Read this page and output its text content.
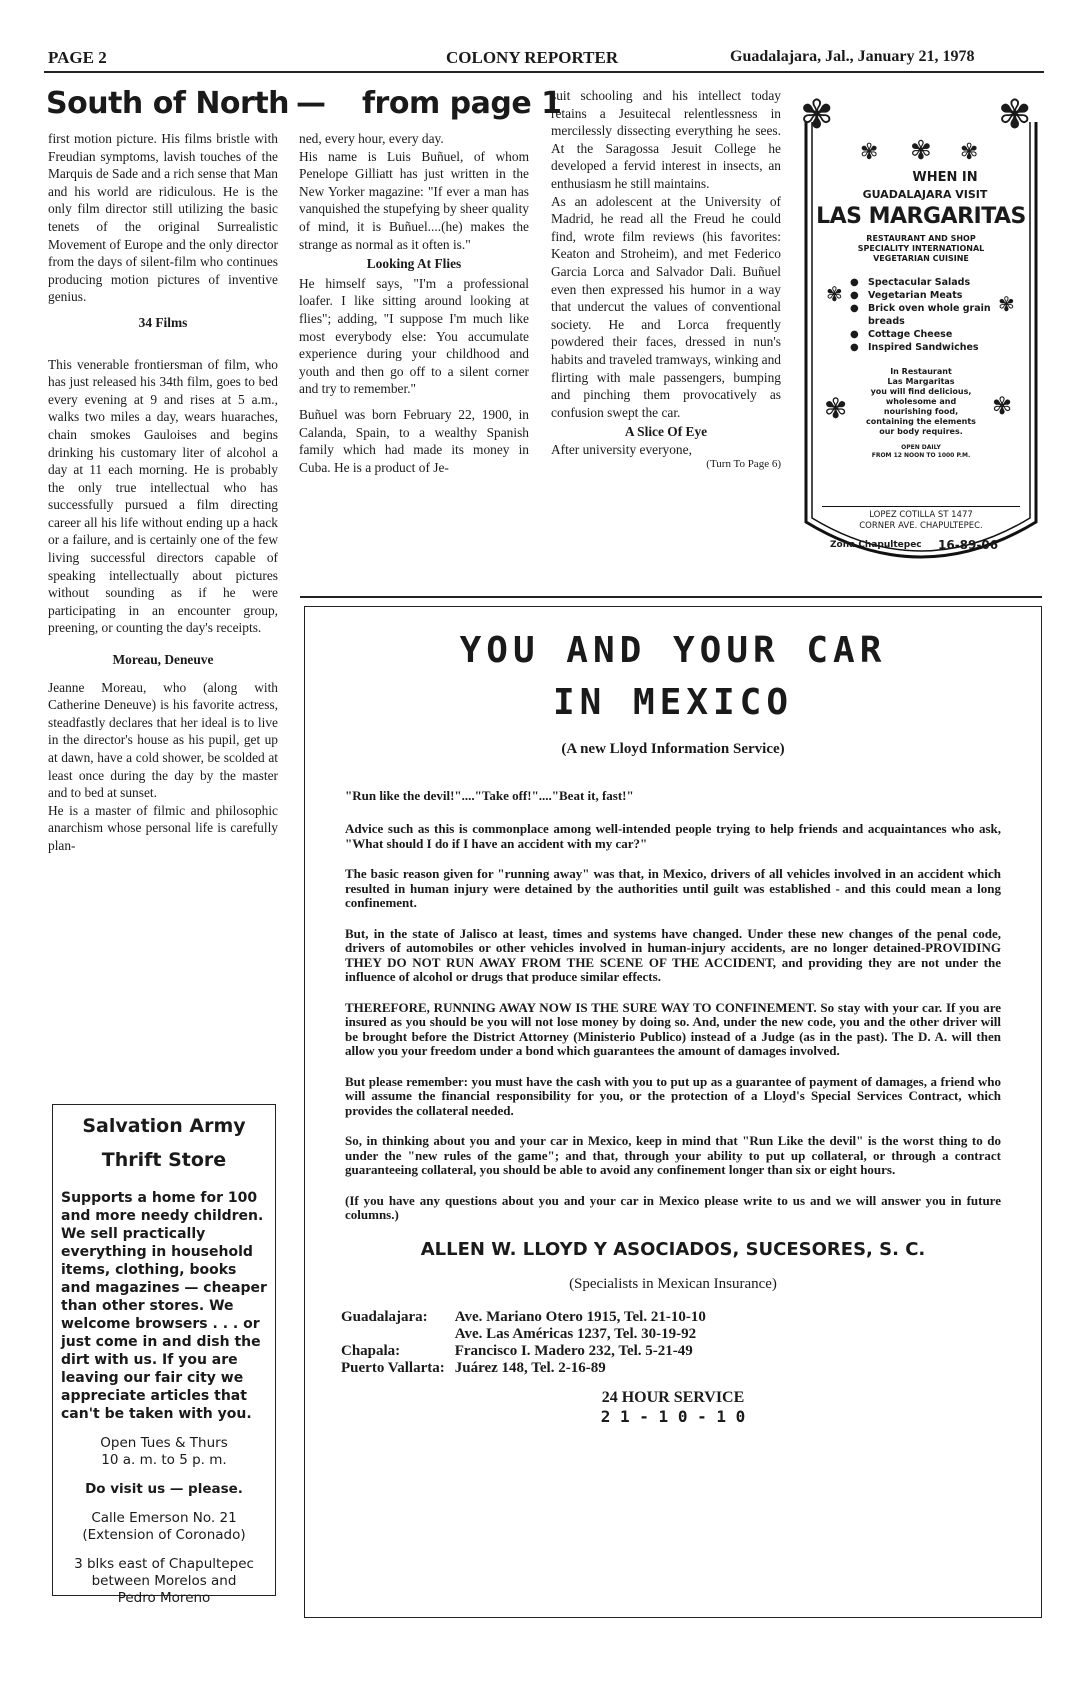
PAGE 2	COLONY REPORTER	Guadalajara, Jal., January 21, 1978
South of North — from page 1

first motion picture. His films bristle with Freudian symptoms, lavish touches of the Marquis de Sade and a rich sense that Man and his world are ridiculous. He is the only film director still utilizing the basic tenets of the original Surrealistic Movement of Europe and the only director from the days of silent-film who continues producing motion pictures of inventive genius.

34 Films

This venerable frontiersman of film, who has just released his 34th film, goes to bed every evening at 9 and rises at 5 a.m., walks two miles a day, wears huaraches, chain smokes Gauloises and begins drinking his customary liter of alcohol a day at 11 each morning. He is probably the only true intellectual who has successfully pursued a film directing career all his life without ending up a hack or a failure, and is certainly one of the few living successful directors capable of speaking intellectually about pictures without sounding as if he were participating in an encounter group, preening, or counting the day's receipts.

Moreau, Deneuve

Jeanne Moreau, who (along with Catherine Deneuve) is his favorite actress, steadfastly declares that her ideal is to live in the director's house as his pupil, get up at dawn, have a cold shower, be scolded at least once during the day by the master and to bed at sunset.

He is a master of filmic and philosophic anarchism whose personal life is carefully plan-

ned, every hour, every day.

His name is Luis Buñuel, of whom Penelope Gilliatt has just written in the New Yorker magazine: "If ever a man has vanquished the stupefying by sheer quality of mind, it is Buñuel....(he) makes the strange as normal as it often is."

Looking At Flies

He himself says, "I'm a professional loafer. I like sitting around looking at flies"; adding, "I suppose I'm much like most everybody else: You accumulate experience during your childhood and youth and then go off to a silent corner and try to remember."

Buñuel was born February 22, 1900, in Calanda, Spain, to a wealthy Spanish family which had made its money in Cuba. He is a product of Je-

suit schooling and his intellect today retains a Jesuitecal relentlessness in mercilessly dissecting everything he sees. At the Saragossa Jesuit College he developed a fervid interest in insects, an enthusiasm he still maintains.

As an adolescent at the University of Madrid, he read all the Freud he could find, wrote film reviews (his favorites: Keaton and Stroheim), and met Federico Garcia Lorca and Salvador Dali. Buñuel even then expressed his humor in a way that undercut the values of conventional society. He and Lorca frequently powdered their faces, dressed in nun's habits and traveled tramways, winking and flirting with male passengers, bumping and pinching them provocatively as confusion swept the car.

A Slice Of Eye

After university everyone,

(Turn To Page 6)
✾	✾
✾ ✾ ✾
✾	✾
✾	✾
WHEN IN
GUADALAJARA VISIT
LAS MARGARITAS
RESTAURANT AND SHOP
SPECIALITY INTERNATIONAL
VEGETARIAN CUISINE
● Spectacular Salads
● Vegetarian Meats
● Brick oven whole grain breads
● Cottage Cheese
● Inspired Sandwiches
In Restaurant
Las Margaritas
you will find delicious,
wholesome and
nourishing food,
containing the elements
our body requires.
OPEN DAILY
FROM 12 NOON TO 1000 P.M.
LOPEZ COTILLA ST 1477
CORNER AVE. CHAPULTEPEC.
Zona Chapultepec 16-89-06
Salvation Army
Thrift Store
Supports a home for 100 and more needy children. We sell practically everything in household items, clothing, books and magazines — cheaper than other stores. We welcome browsers . . . or just come in and dish the dirt with us. If you are leaving our fair city we appreciate articles that can't be taken with you.
Open Tues & Thurs
10 a. m. to 5 p. m.
Do visit us — please.
Calle Emerson No. 21
(Extension of Coronado)
3 blks east of Chapultepec
between Morelos and
Pedro Moreno
YOU AND YOUR CAR
IN MEXICO
(A new Lloyd Information Service)
"Run like the devil!"...."Take off!"...."Beat it, fast!"

Advice such as this is commonplace among well-intended people trying to help friends and acquaintances who ask, "What should I do if I have an accident with my car?"

The basic reason given for "running away" was that, in Mexico, drivers of all vehicles involved in an accident which resulted in human injury were detained by the authorities until guilt was established - and this could mean a long confinement.

But, in the state of Jalisco at least, times and systems have changed. Under these new changes of the penal code, drivers of automobiles or other vehicles involved in human-injury accidents, are no longer detained-PROVIDING THEY DO NOT RUN AWAY FROM THE SCENE OF THE ACCIDENT, and providing they are not under the influence of alcohol or drugs that produce similar effects.

THEREFORE, RUNNING AWAY NOW IS THE SURE WAY TO CONFINEMENT. So stay with your car. If you are insured as you should be you will not lose money by doing so. And, under the new code, you and the other driver will be brought before the District Attorney (Ministerio Publico) instead of a Judge (as in the past). The D. A. will then allow you your freedom under a bond which guarantees the amount of damages involved.

But please remember: you must have the cash with you to put up as a guarantee of payment of damages, a friend who will assume the financial responsibility for you, or the protection of a Lloyd's Special Services Contract, which provides the collateral needed.

So, in thinking about you and your car in Mexico, keep in mind that "Run Like the devil" is the worst thing to do under the "new rules of the game"; and that, through your ability to put up collateral, or through a contract guaranteeing collateral, you should be able to avoid any confinement longer than six or eight hours.

(If you have any questions about you and your car in Mexico please write to us and we will answer you in future columns.)

ALLEN W. LLOYD Y ASOCIADOS, SUCESORES, S. C.
(Specialists in Mexican Insurance)
Guadalajara:	Ave. Mariano Otero 1915, Tel. 21-10-10
	Ave. Las Américas 1237, Tel. 30-19-92
Chapala:	Francisco I. Madero 232, Tel. 5-21-49
Puerto Vallarta:	Juárez 148, Tel. 2-16-89
24 HOUR SERVICE
2 1 - 1 0 - 1 0
